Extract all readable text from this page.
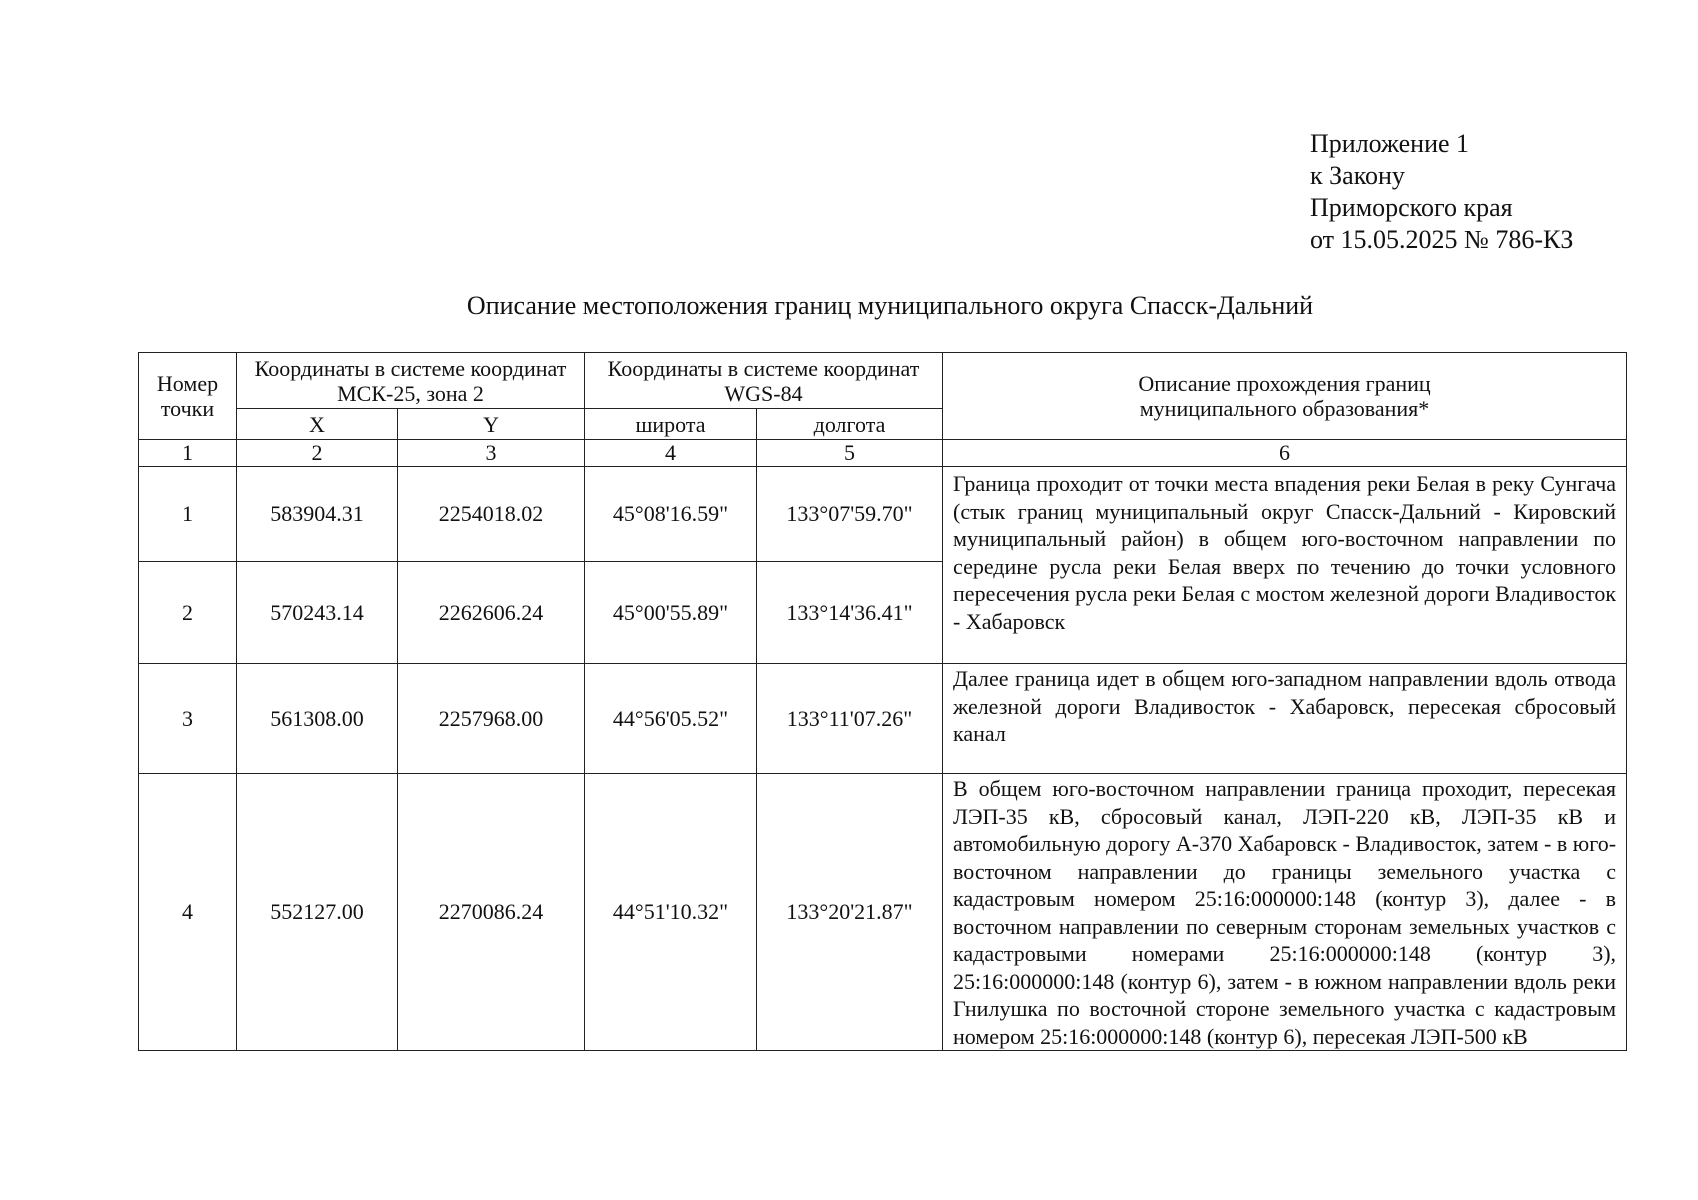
Приложение 1
к Закону
Приморского края
от 15.05.2025 № 786-КЗ
Описание местоположения границ муниципального округа Спасск-Дальний
Номер точки	Координаты в системе координат МСК-25, зона 2		Координаты в системе координат WGS-84		Описание прохождения границ муниципального образования*
	X	Y	широта	долгота	
1	2	3	4	5	6
1	583904.31	2254018.02	45°08'16.59"	133°07'59.70"	Граница проходит от точки места впадения реки Белая в реку Сунгача (стык границ муниципальный округ Спасск-Дальний - Кировский муниципальный район) в общем юго-восточном направлении по середине русла реки Белая вверх по течению до точки условного пересечения русла реки Белая с мостом железной дороги Владивосток - Хабаровск
2	570243.14	2262606.24	45°00'55.89"	133°14'36.41"	
3	561308.00	2257968.00	44°56'05.52"	133°11'07.26"	Далее граница идет в общем юго-западном направлении вдоль отвода железной дороги Владивосток - Хабаровск, пересекая сбросовый канал
4	552127.00	2270086.24	44°51'10.32"	133°20'21.87"	В общем юго-восточном направлении граница проходит, пересекая ЛЭП-35 кВ, сбросовый канал, ЛЭП-220 кВ, ЛЭП-35 кВ и автомобильную дорогу А-370 Хабаровск - Владивосток, затем - в юго-восточном направлении до границы земельного участка с кадастровым номером 25:16:000000:148 (контур 3), далее - в восточном направлении по северным сторонам земельных участков с кадастровыми номерами 25:16:000000:148 (контур 3), 25:16:000000:148 (контур 6), затем - в южном направлении вдоль реки Гнилушка по восточной стороне земельного участка с кадастровым номером 25:16:000000:148 (контур 6), пересекая ЛЭП-500 кВ
